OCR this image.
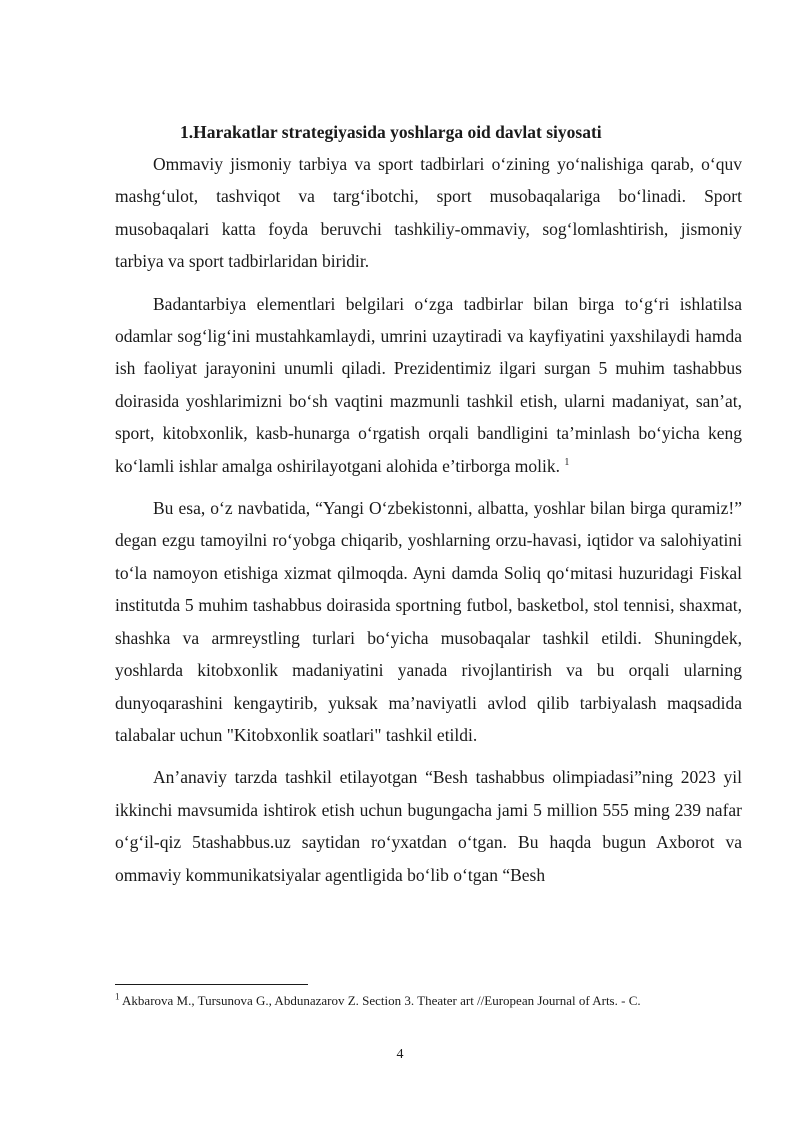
1.Harakatlar strategiyasida yoshlarga oid davlat siyosati

Ommaviy jismoniy tarbiya va sport tadbirlari oʻzining yoʻnalishiga qarab, oʻquv mashgʻulot, tashviqot va targʻibotchi, sport musobaqalariga boʻlinadi. Sport musobaqalari katta foyda beruvchi tashkiliy-ommaviy, sogʻlomlashtirish, jismoniy tarbiya va sport tadbirlaridan biridir.

Badantarbiya elementlari belgilari oʻzga tadbirlar bilan birga toʻgʻri ishlatilsa odamlar sogʻligʻini mustahkamlaydi, umrini uzaytiradi va kayfiyatini yaxshilaydi hamda ish faoliyat jarayonini unumli qiladi. Prezidentimiz ilgari surgan 5 muhim tashabbus doirasida yoshlarimizni boʻsh vaqtini mazmunli tashkil etish, ularni madaniyat, san’at, sport, kitobxonlik, kasb-hunarga oʻrgatish orqali bandligini ta’minlash boʻyicha keng koʻlamli ishlar amalga oshirilayotgani alohida e’tirborga molik. $^1$

Bu esa, oʻz navbatida, “Yangi Oʻzbekistonni, albatta, yoshlar bilan birga quramiz!” degan ezgu tamoyilni roʻyobga chiqarib, yoshlarning orzu-havasi, iqtidor va salohiyatini toʻla namoyon etishiga xizmat qilmoqda. Ayni damda Soliq qoʻmitasi huzuridagi Fiskal institutda 5 muhim tashabbus doirasida sportning futbol, basketbol, stol tennisi, shaxmat, shashka va armreystling turlari boʻyicha musobaqalar tashkil etildi. Shuningdek, yoshlarda kitobxonlik madaniyatini yanada rivojlantirish va bu orqali ularning dunyoqarashini kengaytirib, yuksak ma’naviyatli avlod qilib tarbiyalash maqsadida talabalar uchun "Kitobxonlik soatlari" tashkil etildi.

An’anaviy tarzda tashkil etilayotgan “Besh tashabbus olimpiadasi”ning 2023 yil ikkinchi mavsumida ishtirok etish uchun bugungacha jami 5 million 555 ming 239 nafar oʻgʻil-qiz 5tashabbus.uz saytidan roʻyxatdan oʻtgan. Bu haqda bugun Axborot va ommaviy kommunikatsiyalar agentligida boʻlib oʻtgan “Besh

$^1$ Akbarova M., Tursunova G., Abdunazarov Z. Section 3. Theater art //European Journal of Arts. - C.
4
